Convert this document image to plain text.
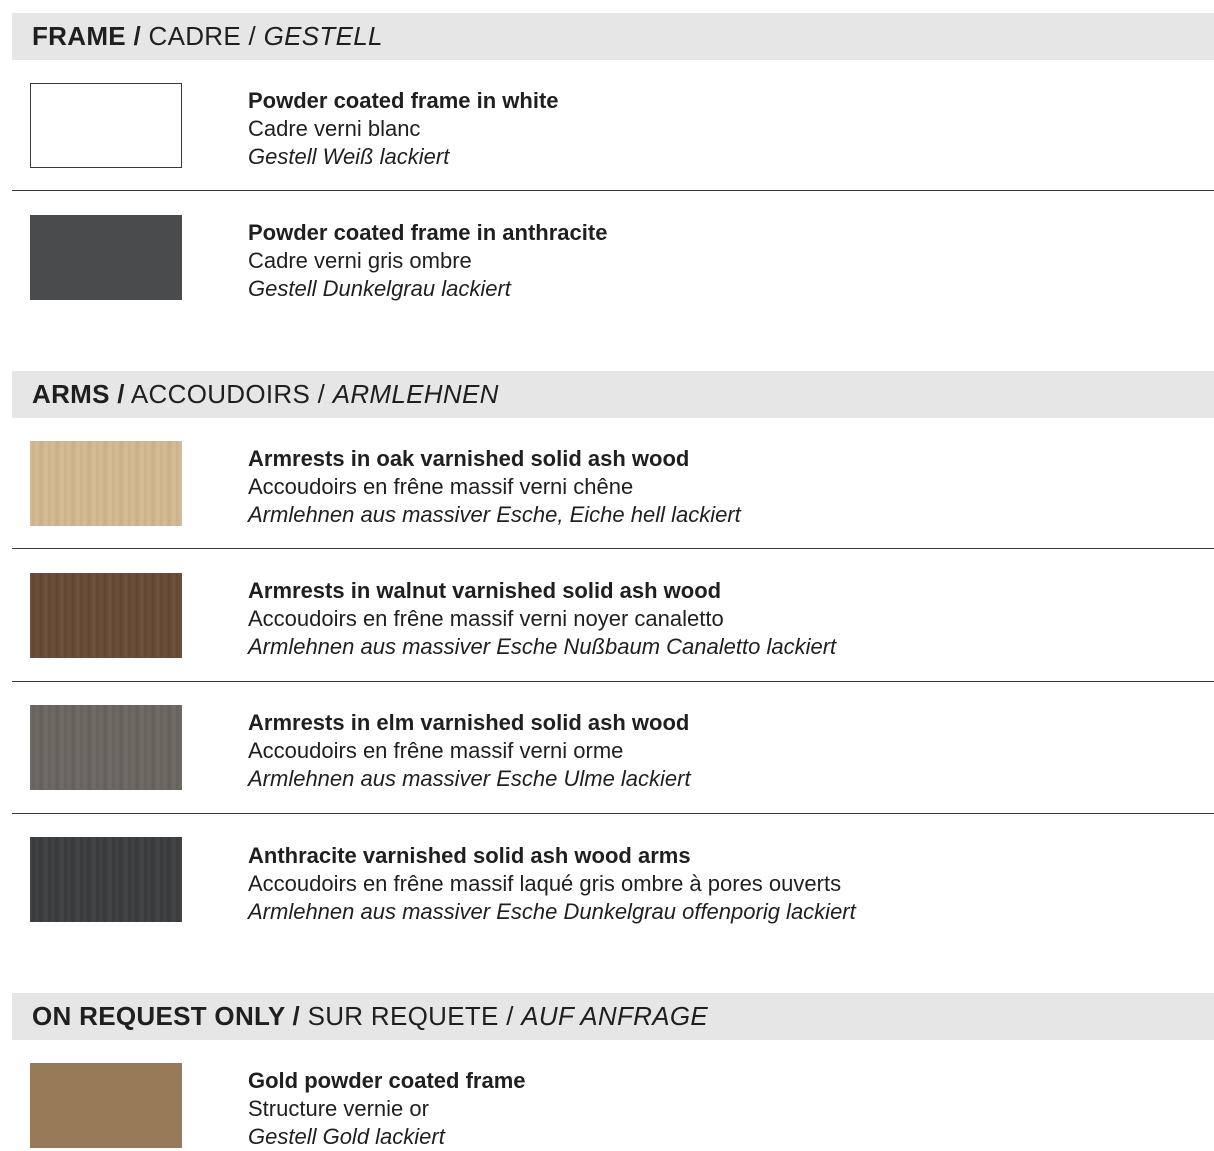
FRAME / CADRE / GESTELL
Powder coated frame in white
Cadre verni blanc
Gestell Weiß lackiert
Powder coated frame in anthracite
Cadre verni gris ombre
Gestell Dunkelgrau lackiert
ARMS / ACCOUDOIRS / ARMLEHNEN
Armrests in oak varnished solid ash wood
Accoudoirs en frêne massif verni chêne
Armlehnen aus massiver Esche, Eiche hell lackiert
Armrests in walnut varnished solid ash wood
Accoudoirs en frêne massif verni noyer canaletto
Armlehnen aus massiver Esche Nußbaum Canaletto lackiert
Armrests in elm varnished solid ash wood
Accoudoirs en frêne massif verni orme
Armlehnen aus massiver Esche Ulme lackiert
Anthracite varnished solid ash wood arms
Accoudoirs en frêne massif laqué gris ombre à pores ouverts
Armlehnen aus massiver Esche Dunkelgrau offenporig lackiert
ON REQUEST ONLY / SUR REQUETE / AUF ANFRAGE
Gold powder coated frame
Structure vernie or
Gestell Gold lackiert
